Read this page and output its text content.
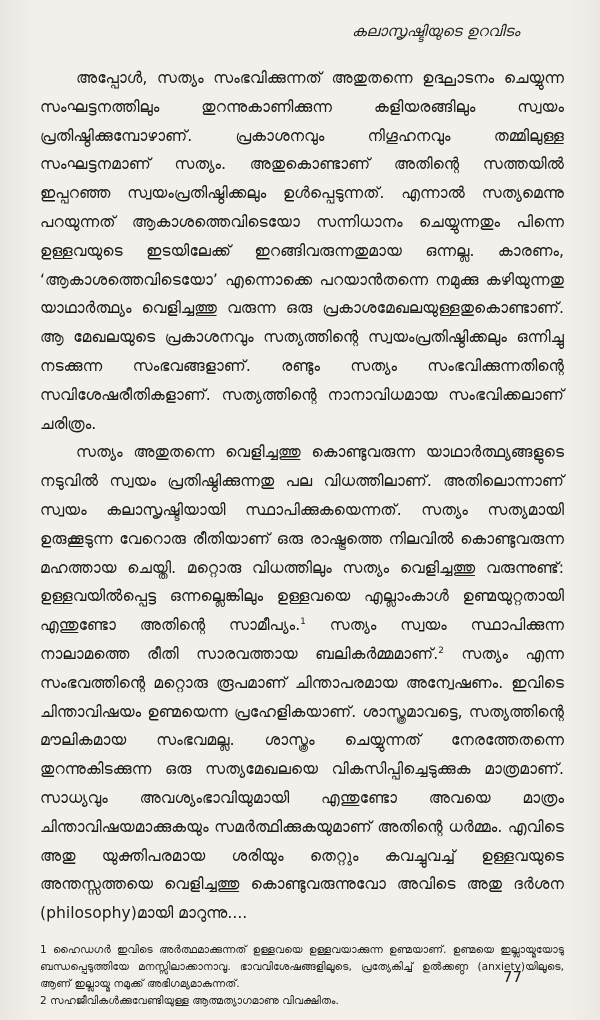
കലാസൃഷ്ടിയുടെ ഉറവിടം

അപ്പോൾ, സത്യം സംഭവിക്കുന്നത് അതുതന്നെ ഉദ്ഘാടനം ചെയ്യുന്ന സംഘട്ടനത്തിലും തുറന്നുകാണിക്കുന്ന കളിയരങ്ങിലും സ്വയം പ്രതിഷ്ഠിക്കുമ്പോഴാണ്. പ്രകാശനവും നിഗൂഹനവും തമ്മിലുള്ള സംഘട്ടനമാണ് സത്യം. അതുകൊണ്ടാണ് അതിന്റെ സത്തയിൽ ഇപ്പറഞ്ഞ സ്വയംപ്രതിഷ്ഠിക്കലും ഉൾപ്പെടുന്നത്. എന്നാൽ സത്യമെന്നു പറയുന്നത് ആകാശത്തെവിടെയോ സന്നിധാനം ചെയ്യുന്നതും പിന്നെ ഉള്ളവയുടെ ഇടയിലേക്ക് ഇറങ്ങിവരുന്നതുമായ ഒന്നല്ല. കാരണം, ‘ആകാശത്തെവിടെയോ’ എന്നൊക്കെ പറയാൻതന്നെ നമുക്കു കഴിയുന്നതു യാഥാർത്ഥ്യം വെളിച്ചത്തു വരുന്ന ഒരു പ്രകാശമേഖലയുള്ളതുകൊണ്ടാണ്. ആ മേഖലയുടെ പ്രകാശനവും സത്യത്തിന്റെ സ്വയംപ്രതിഷ്ഠിക്കലും ഒന്നിച്ചു നടക്കുന്ന സംഭവങ്ങളാണ്. രണ്ടും സത്യം സംഭവിക്കുന്നതിന്റെ സവിശേഷരീതികളാണ്. സത്യത്തിന്റെ നാനാവിധമായ സംഭവിക്കലാണ് ചരിത്രം.

സത്യം അതുതന്നെ വെളിച്ചത്തു കൊണ്ടുവരുന്ന യാഥാർത്ഥ്യങ്ങളുടെ നടുവിൽ സ്വയം പ്രതിഷ്ഠിക്കുന്നതു പല വിധത്തിലാണ്. അതിലൊന്നാണ് സ്വയം കലാസൃഷ്ടിയായി സ്ഥാപിക്കുകയെന്നത്. സത്യം സത്യമായി ഉരുക്കൂടുന്ന വേറൊരു രീതിയാണ് ഒരു രാഷ്ട്രത്തെ നിലവിൽ കൊണ്ടുവരുന്ന മഹത്തായ ചെയ്തി. മറ്റൊരു വിധത്തിലും സത്യം വെളിച്ചത്തു വരുന്നുണ്ട്: ഉള്ളവയിൽപ്പെട്ട ഒന്നല്ലെങ്കിലും ഉള്ളവയെ എല്ലാംകാൾ ഉണ്മയുറ്റതായി എന്തുണ്ടോ അതിന്റെ സാമീപ്യം.$^1$ സത്യം സ്വയം സ്ഥാപിക്കുന്ന നാലാമത്തെ രീതി സാരവത്തായ ബലികർമ്മമാണ്.$^2$ സത്യം എന്ന സംഭവത്തിന്റെ മറ്റൊരു രൂപമാണ് ചിന്താപരമായ അന്വേഷണം. ഇവിടെ ചിന്താവിഷയം ഉണ്മയെന്ന പ്രഹേളികയാണ്. ശാസ്ത്രമാവട്ടെ, സത്യത്തിന്റെ മൗലികമായ സംഭവമല്ല. ശാസ്ത്രം ചെയ്യുന്നത് നേരത്തേതന്നെ തുറന്നുകിടക്കുന്ന ഒരു സത്യമേഖലയെ വികസിപ്പിച്ചെടുക്കുക മാത്രമാണ്. സാധ്യവും അവശ്യംഭാവിയുമായി എന്തുണ്ടോ അവയെ മാത്രം ചിന്താവിഷയമാക്കുകയും സമർത്ഥിക്കുകയുമാണ് അതിന്റെ ധർമ്മം. എവിടെ അതു യുക്തിപരമായ ശരിയും തെറ്റും കവച്ചുവച്ച് ഉള്ളവയുടെ അന്തസ്സത്തയെ വെളിച്ചത്തു കൊണ്ടുവരുന്നുവോ അവിടെ അതു ദർശന (philosophy)മായി മാറുന്നു....

1 ഹൈഡഗർ ഇവിടെ അർത്ഥമാക്കുന്നത് ഉള്ളവയെ ഉള്ളവയാക്കുന്ന ഉണ്മയാണ്. ഉണ്മയെ ഇല്ലായ്മയോടു ബന്ധപ്പെടുത്തിയേ മനസ്സിലാക്കാനാവൂ. ഭാവവിശേഷങ്ങളിലൂടെ, പ്രത്യേകിച്ച് ഉൽക്കണ്ഠ (anxiety)യിലൂടെ, ആണ് ഇല്ലായ്മ നമുക്ക് അഭിഗമ്യമാകുന്നത്.

2 സഹജീവികൾക്കുവേണ്ടിയുള്ള ആത്മത്യാഗമാണു വിവക്ഷിതം.

77
